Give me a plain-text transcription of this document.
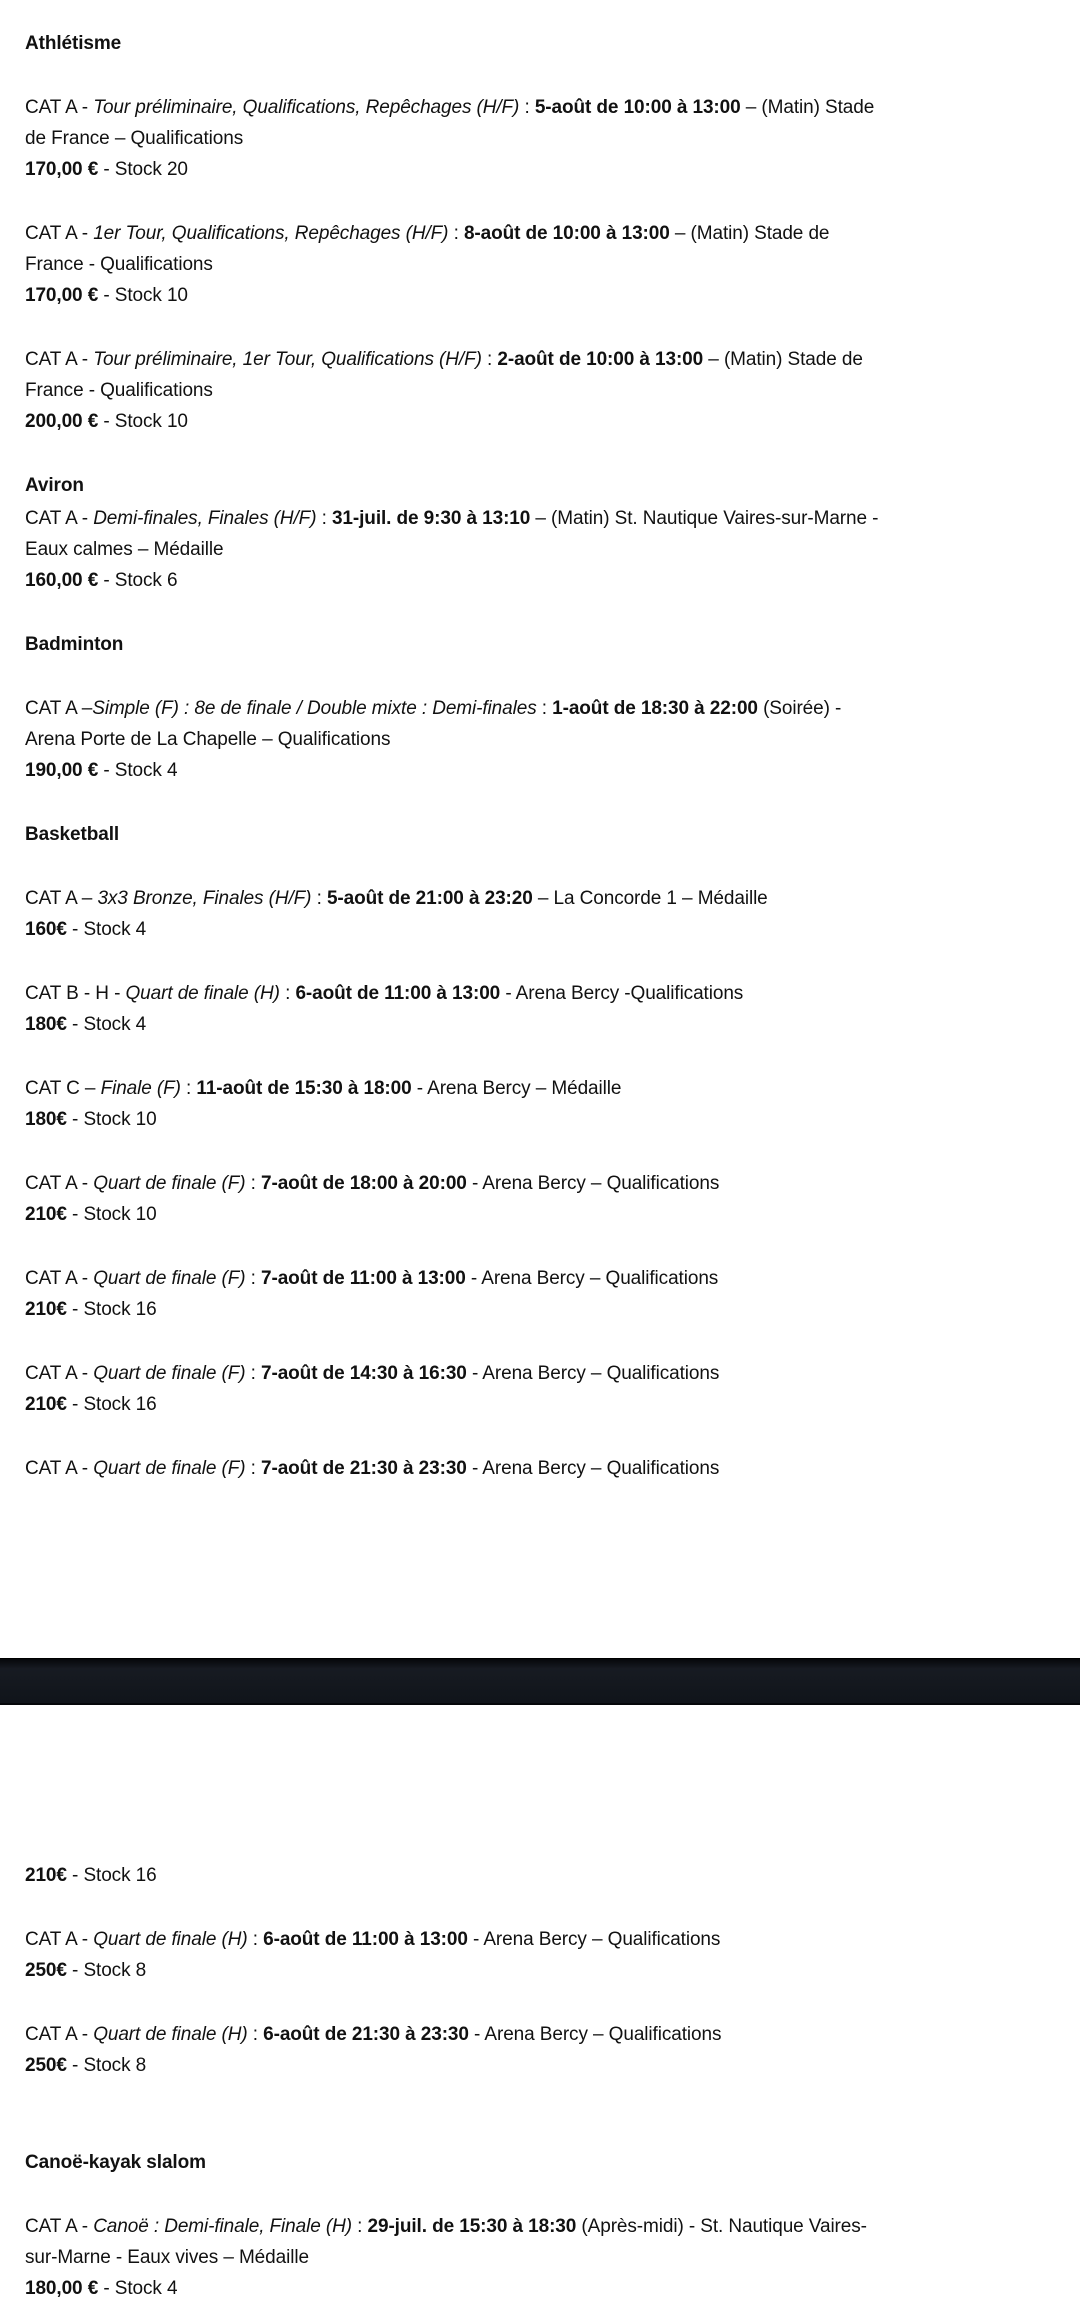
Athlétisme

CAT A - Tour préliminaire, Qualifications, Repêchages (H/F) : 5-août de 10:00 à 13:00 – (Matin) Stade
de France – Qualifications

170,00 € - Stock 20

CAT A - 1er Tour, Qualifications, Repêchages (H/F) : 8-août de 10:00 à 13:00 – (Matin) Stade de
France - Qualifications

170,00 € - Stock 10

CAT A - Tour préliminaire, 1er Tour, Qualifications (H/F) : 2-août de 10:00 à 13:00 – (Matin) Stade de
France - Qualifications

200,00 € - Stock 10

Aviron

CAT A - Demi-finales, Finales (H/F) : 31-juil. de 9:30 à 13:10 – (Matin) St. Nautique Vaires-sur-Marne -
Eaux calmes – Médaille

160,00 € - Stock 6

Badminton

CAT A –Simple (F) : 8e de finale / Double mixte : Demi-finales : 1-août de 18:30 à 22:00 (Soirée) -
Arena Porte de La Chapelle – Qualifications

190,00 € - Stock 4

Basketball

CAT A – 3x3 Bronze, Finales (H/F) : 5-août de 21:00 à 23:20 – La Concorde 1 – Médaille

160€ - Stock 4

CAT B - H - Quart de finale (H) : 6-août de 11:00 à 13:00 - Arena Bercy -Qualifications

180€ - Stock 4

CAT C – Finale (F) : 11-août de 15:30 à 18:00 - Arena Bercy – Médaille

180€ - Stock 10

CAT A - Quart de finale (F) : 7-août de 18:00 à 20:00 - Arena Bercy – Qualifications

210€ - Stock 10

CAT A - Quart de finale (F) : 7-août de 11:00 à 13:00 - Arena Bercy – Qualifications

210€ - Stock 16

CAT A - Quart de finale (F) : 7-août de 14:30 à 16:30 - Arena Bercy – Qualifications

210€ - Stock 16

CAT A - Quart de finale (F) : 7-août de 21:30 à 23:30 - Arena Bercy – Qualifications

210€ - Stock 16

CAT A - Quart de finale (H) : 6-août de 11:00 à 13:00 - Arena Bercy – Qualifications

250€ - Stock 8

CAT A - Quart de finale (H) : 6-août de 21:30 à 23:30 - Arena Bercy – Qualifications

250€ - Stock 8

Canoë-kayak slalom

CAT A - Canoë : Demi-finale, Finale (H) : 29-juil. de 15:30 à 18:30 (Après-midi) - St. Nautique Vaires-
sur-Marne - Eaux vives – Médaille

180,00 € - Stock 4
